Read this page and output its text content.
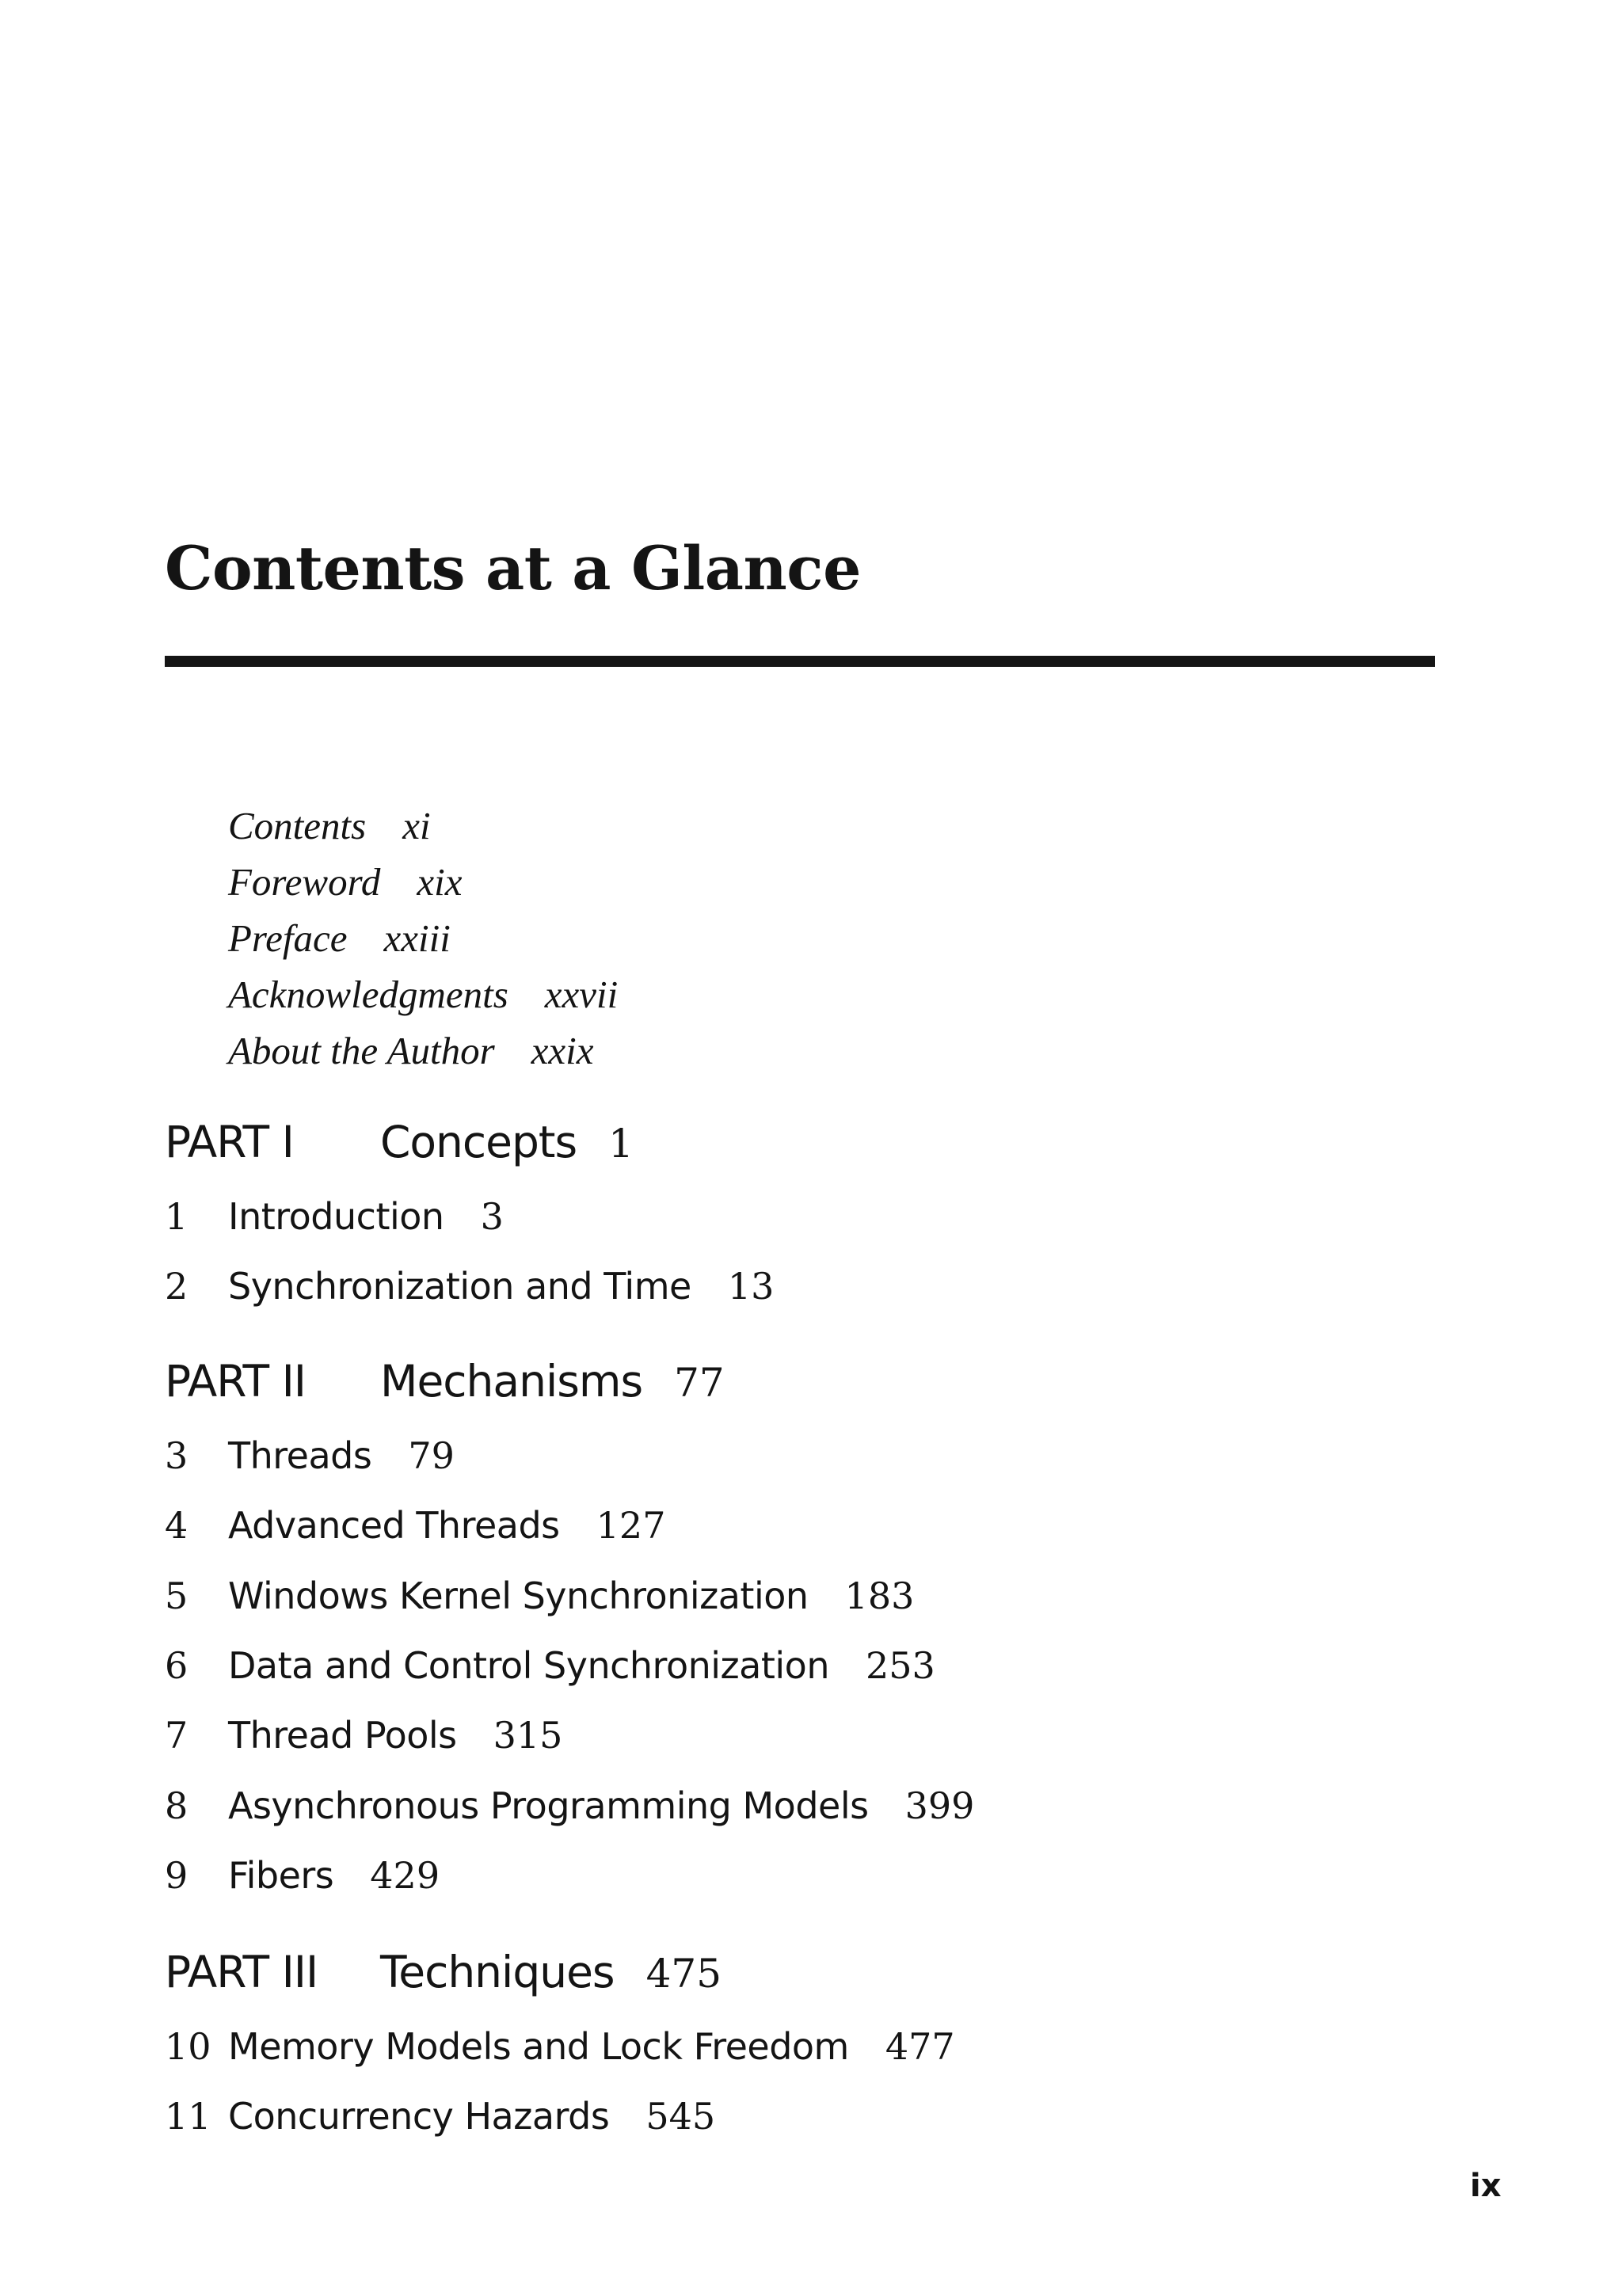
Contents at a Glance
Contents xi
Foreword xix
Preface xxiii
Acknowledgments xxvii
About the Author xxix
PART I Concepts 1
1 Introduction 3
2 Synchronization and Time 13
PART II Mechanisms 77
3 Threads 79
4 Advanced Threads 127
5 Windows Kernel Synchronization 183
6 Data and Control Synchronization 253
7 Thread Pools 315
8 Asynchronous Programming Models 399
9 Fibers 429
PART III Techniques 475
10 Memory Models and Lock Freedom 477
11 Concurrency Hazards 545
ix
